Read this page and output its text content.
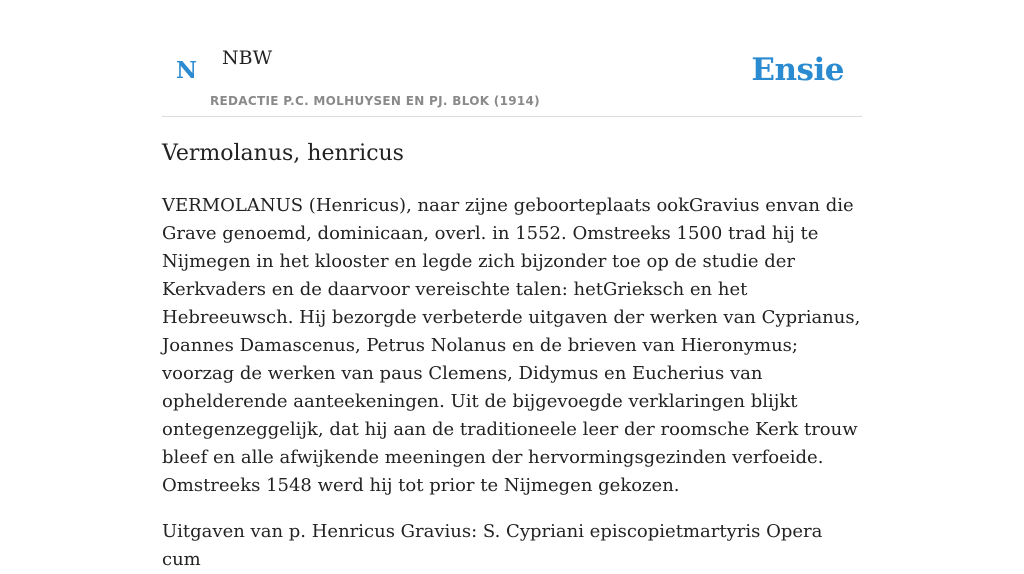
N NBW
REDACTIE P.C. MOLHUYSEN EN PJ. BLOK (1914)
Ensie
Vermolanus, henricus

VERMOLANUS (Henricus), naar zijne geboorteplaats ookGravius envan die Grave genoemd, dominicaan, overl. in 1552. Omstreeks 1500 trad hij te Nijmegen in het klooster en legde zich bijzonder toe op de studie der Kerkvaders en de daarvoor vereischte talen: hetGrieksch en het Hebreeuwsch. Hij bezorgde verbeterde uitgaven der werken van Cyprianus, Joannes Damascenus, Petrus Nolanus en de brieven van Hieronymus; voorzag de werken van paus Clemens, Didymus en Eucherius van ophelderende aanteekeningen. Uit de bijgevoegde verklaringen blijkt ontegenzeggelijk, dat hij aan de traditioneele leer der roomsche Kerk trouw bleef en alle afwijkende meeningen der hervormingsgezinden verfoeide. Omstreeks 1548 werd hij tot prior te Nijmegen gekozen.

Uitgaven van p. Henricus Gravius: S. Cypriani episcopietmartyris Opera cum
